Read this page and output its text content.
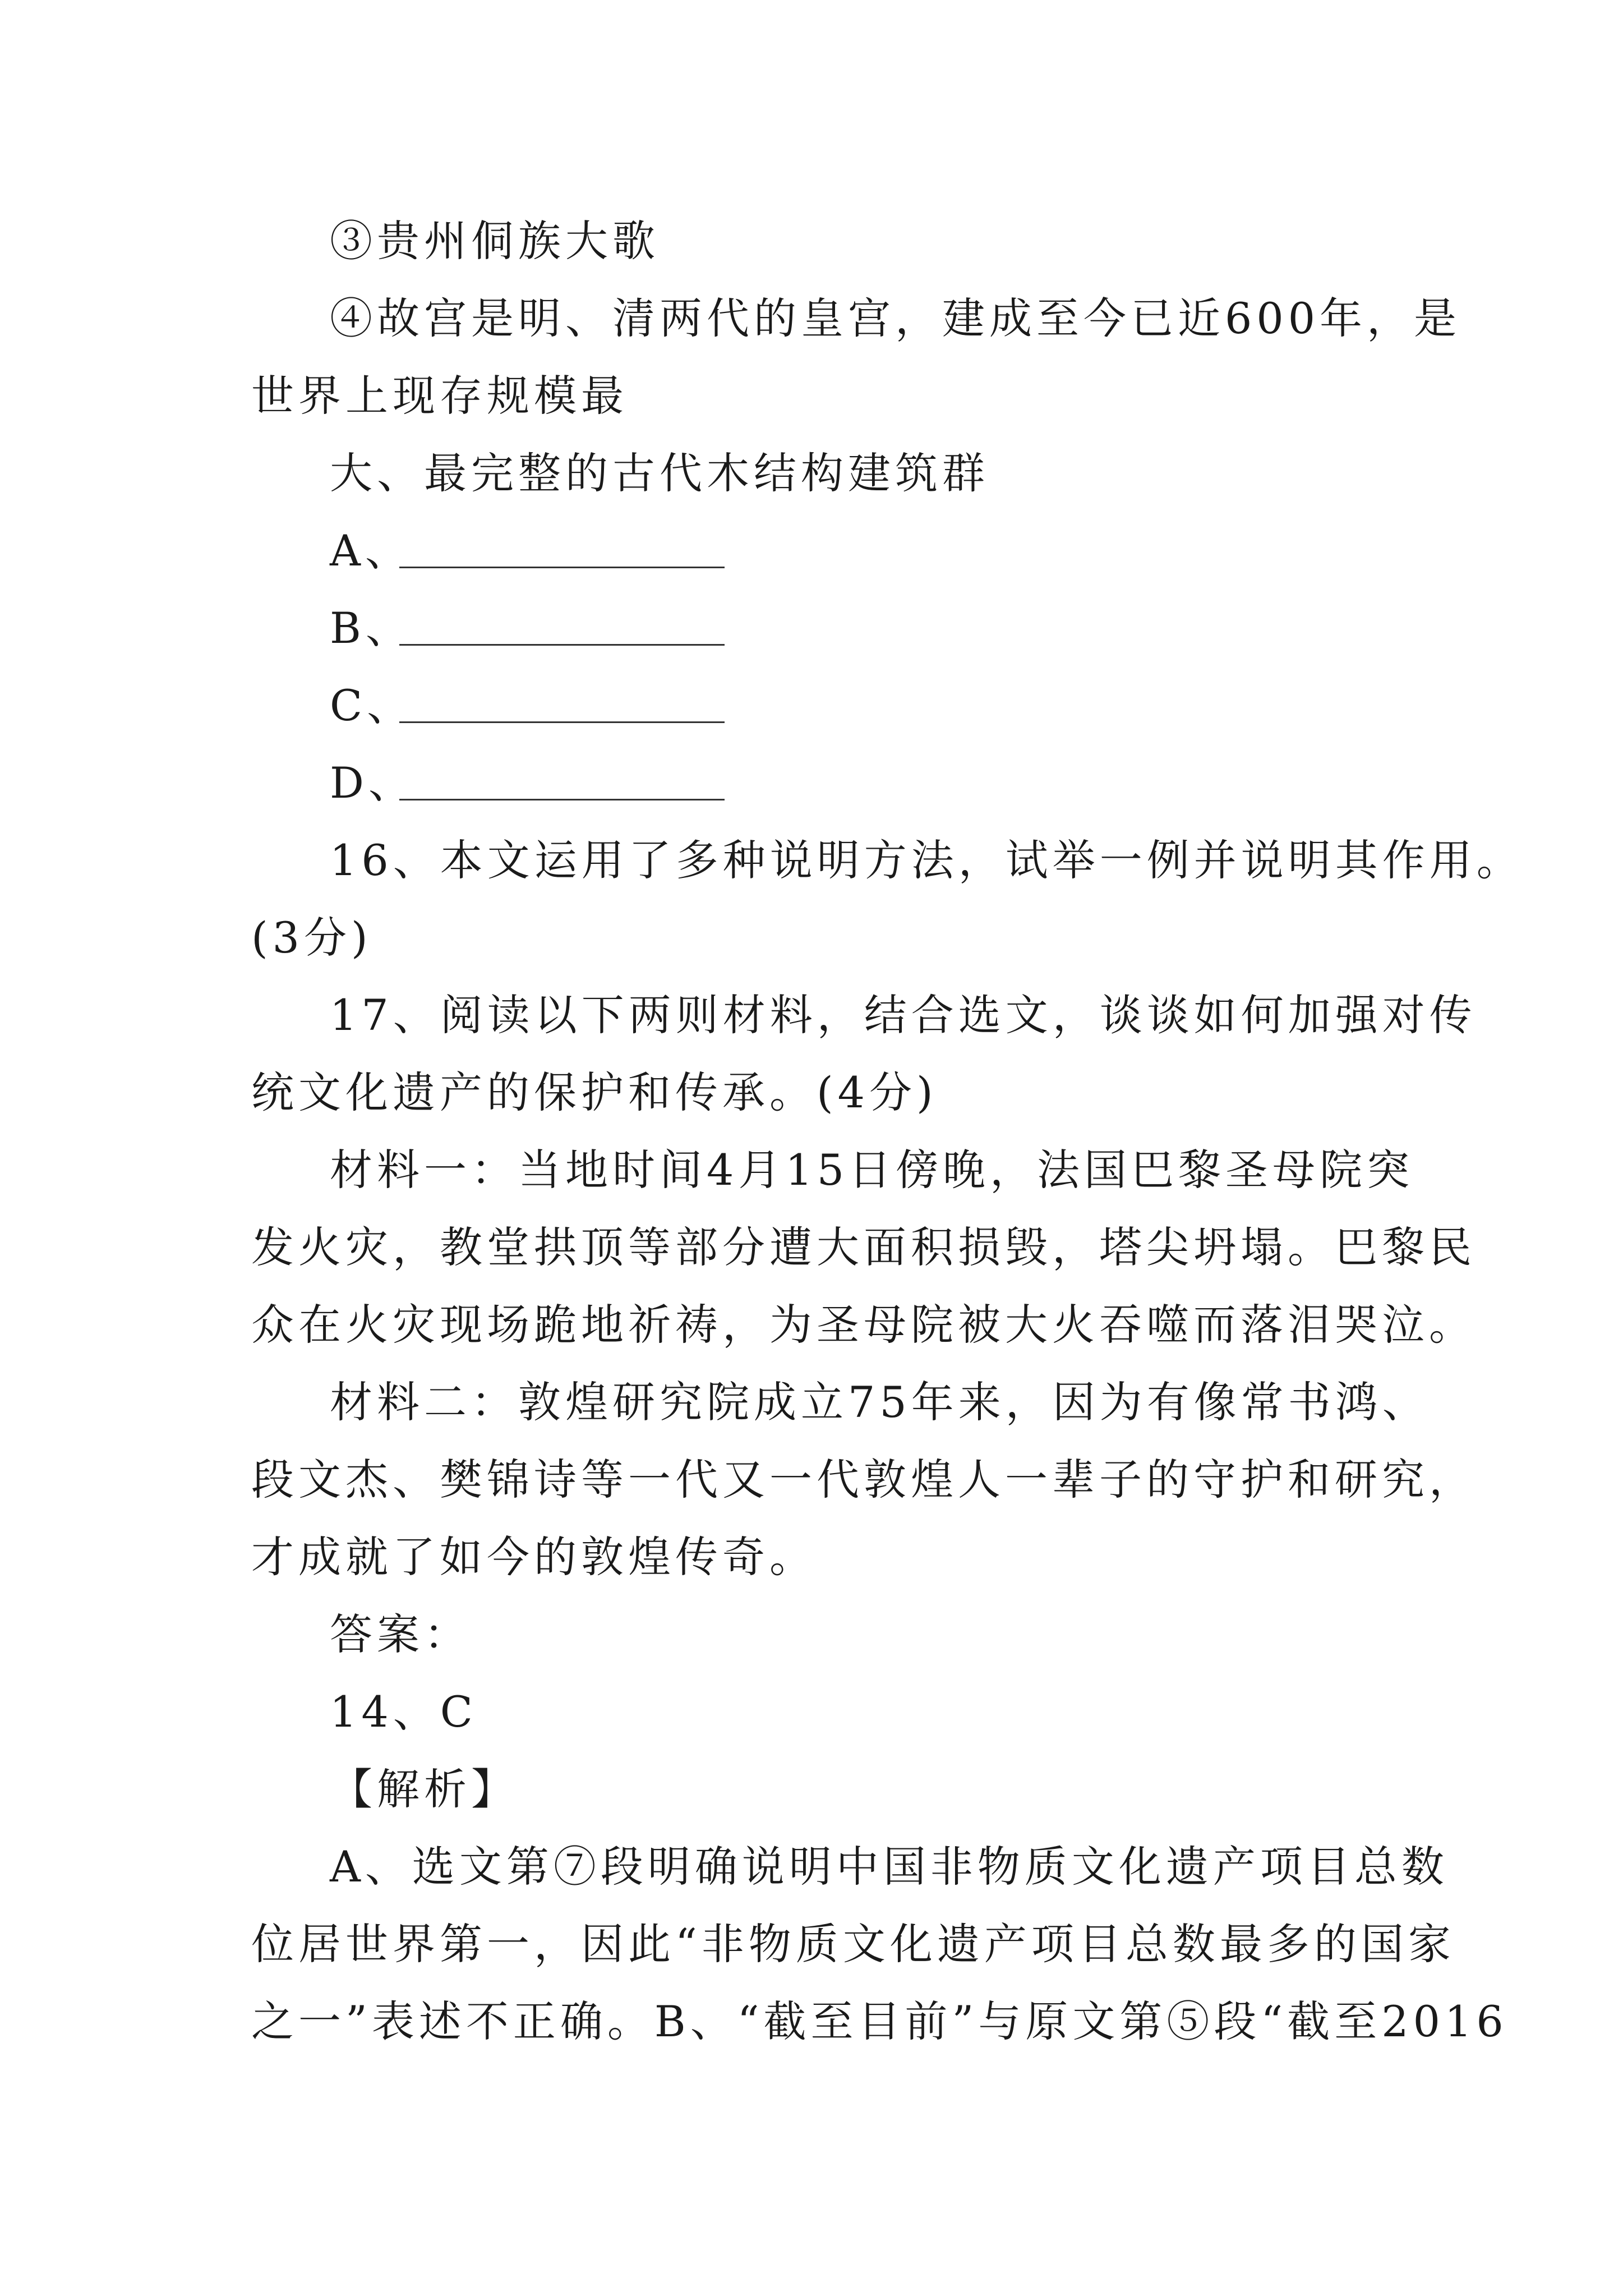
③贵州侗族大歌
④故宫是明、清两代的皇宫，建成至今已近600年，是
世界上现存规模最
大、最完整的古代木结构建筑群
A、
B、
C、
D、
16、本文运用了多种说明方法，试举一例并说明其作用。
(3分)
17、阅读以下两则材料，结合选文，谈谈如何加强对传
统文化遗产的保护和传承。(4分)
材料一：当地时间4月15日傍晚，法国巴黎圣母院突
发火灾，教堂拱顶等部分遭大面积损毁，塔尖坍塌。巴黎民
众在火灾现场跪地祈祷，为圣母院被大火吞噬而落泪哭泣。
材料二：敦煌研究院成立75年来，因为有像常书鸿、
段文杰、樊锦诗等一代又一代敦煌人一辈子的守护和研究，
才成就了如今的敦煌传奇。
答案：
14、C
【解析】
A、选文第⑦段明确说明中国非物质文化遗产项目总数
位居世界第一，因此“非物质文化遗产项目总数最多的国家
之一”表述不正确。B、“截至目前”与原文第⑤段“截至2016
